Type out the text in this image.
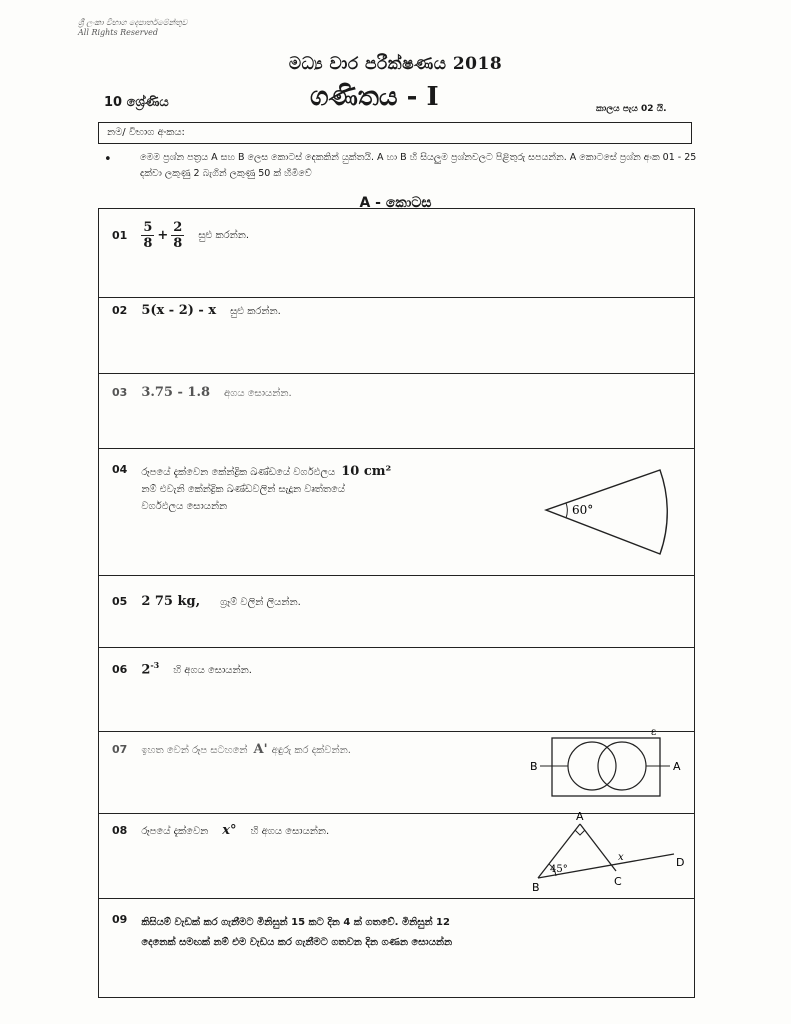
ශ්‍රී ලංකා විභාග දෙපාර්තමේන්තුව
All Rights Reserved
මධ්‍ය වාර පරීක්ෂණය 2018
10 ශ්‍රේණිය	ගණිතය - I	කාලය පැය 02 යි.
නම/ විභාග අංකය:
•	මෙම ප්‍රශ්න පත්‍රය A සහ B ලෙස කොටස් දෙකකින් යුක්තයි. A හා B හි සියලුම ප්‍රශ්නවලට පිළිතුරු සපයන්න. A කොටසේ ප්‍රශ්න අංක 01 - 25 දක්වා ලකුණු 2 බැගින් ලකුණු 50 ක් හිමිවේ
A - කොටස
$01 \frac{5}{8} + \frac{2}{8}$ සුළු කරන්න.
02 5(x - 2) - x සුළු කරන්න.
03 3.75 - 1.8 අගය සොයන්න.
04 රූපයේ දැක්වෙන කේන්ද්‍රික ඛණ්ඩයේ වර්ගඵලය 10 cm²
නම් එවැනි කේන්ද්‍රික ඛණ්ඩවලින් සැදූන වෘත්තයේ
වර්ගඵලය සොයන්න	60°
05 2 75 kg, ග්‍රෑම් වලින් ලියන්න.
06 $2^{-3}$
හි අගය සොයන්න.
07 ඉහත වෙන් රූප සටහනේ A' අඳුරු කර දක්වන්න.
B	A
ε
08 රූපයේ දැක්වෙන x° හි අගය සොයන්න.
45°
x
A
B	C
D
09 කිසියම් වැඩක් කර ගැනීමට මිනිසුන් 15 කට දින 4 ක් ගතවේ. මිනිසුන් 12
දෙනෙක් සමඟක් නම් එම වැඩය කර ගැනීමට ගතවන දින ගණන සොයන්න
